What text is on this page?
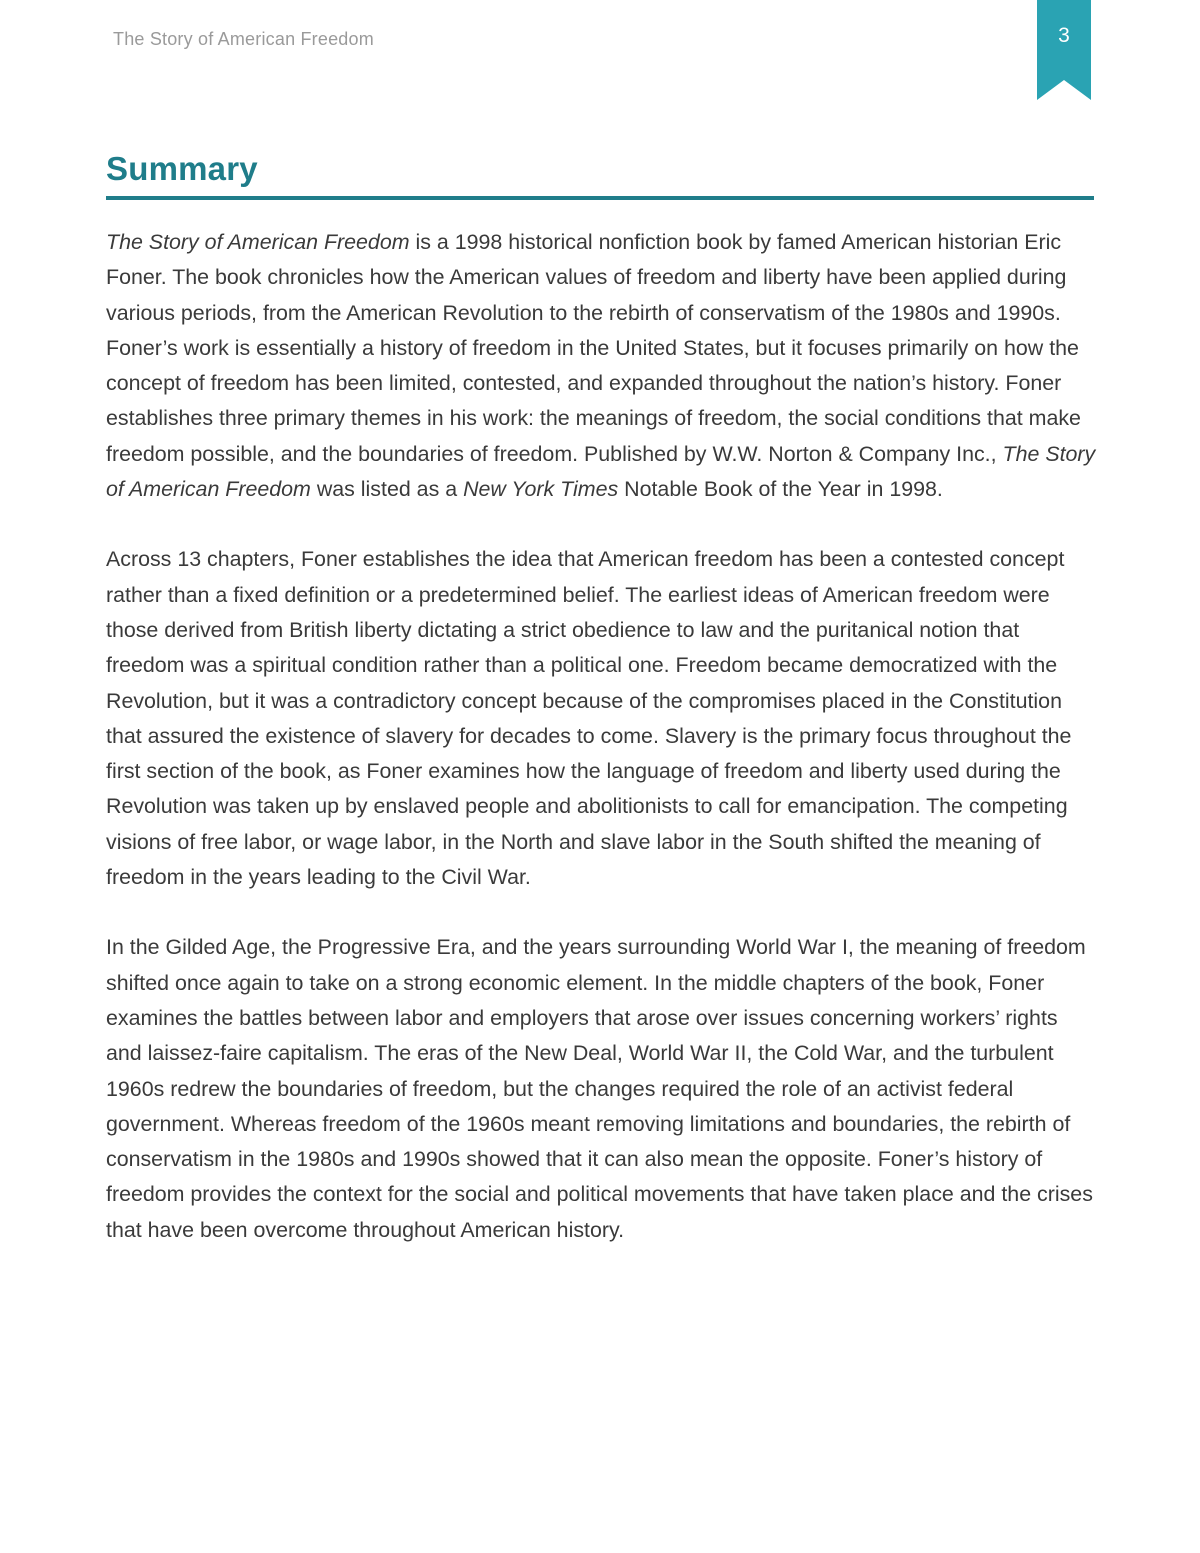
The Story of American Freedom	3
Summary

The Story of American Freedom is a 1998 historical nonfiction book by famed American historian Eric Foner. The book chronicles how the American values of freedom and liberty have been applied during various periods, from the American Revolution to the rebirth of conservatism of the 1980s and 1990s. Foner’s work is essentially a history of freedom in the United States, but it focuses primarily on how the concept of freedom has been limited, contested, and expanded throughout the nation’s history. Foner establishes three primary themes in his work: the meanings of freedom, the social conditions that make freedom possible, and the boundaries of freedom. Published by W.W. Norton & Company Inc., The Story of American Freedom was listed as a New York Times Notable Book of the Year in 1998.

Across 13 chapters, Foner establishes the idea that American freedom has been a contested concept rather than a fixed definition or a predetermined belief. The earliest ideas of American freedom were those derived from British liberty dictating a strict obedience to law and the puritanical notion that freedom was a spiritual condition rather than a political one. Freedom became democratized with the Revolution, but it was a contradictory concept because of the compromises placed in the Constitution that assured the existence of slavery for decades to come. Slavery is the primary focus throughout the first section of the book, as Foner examines how the language of freedom and liberty used during the Revolution was taken up by enslaved people and abolitionists to call for emancipation. The competing visions of free labor, or wage labor, in the North and slave labor in the South shifted the meaning of freedom in the years leading to the Civil War.

In the Gilded Age, the Progressive Era, and the years surrounding World War I, the meaning of freedom shifted once again to take on a strong economic element. In the middle chapters of the book, Foner examines the battles between labor and employers that arose over issues concerning workers’ rights and laissez-faire capitalism. The eras of the New Deal, World War II, the Cold War, and the turbulent 1960s redrew the boundaries of freedom, but the changes required the role of an activist federal government. Whereas freedom of the 1960s meant removing limitations and boundaries, the rebirth of conservatism in the 1980s and 1990s showed that it can also mean the opposite. Foner’s history of freedom provides the context for the social and political movements that have taken place and the crises that have been overcome throughout American history.
